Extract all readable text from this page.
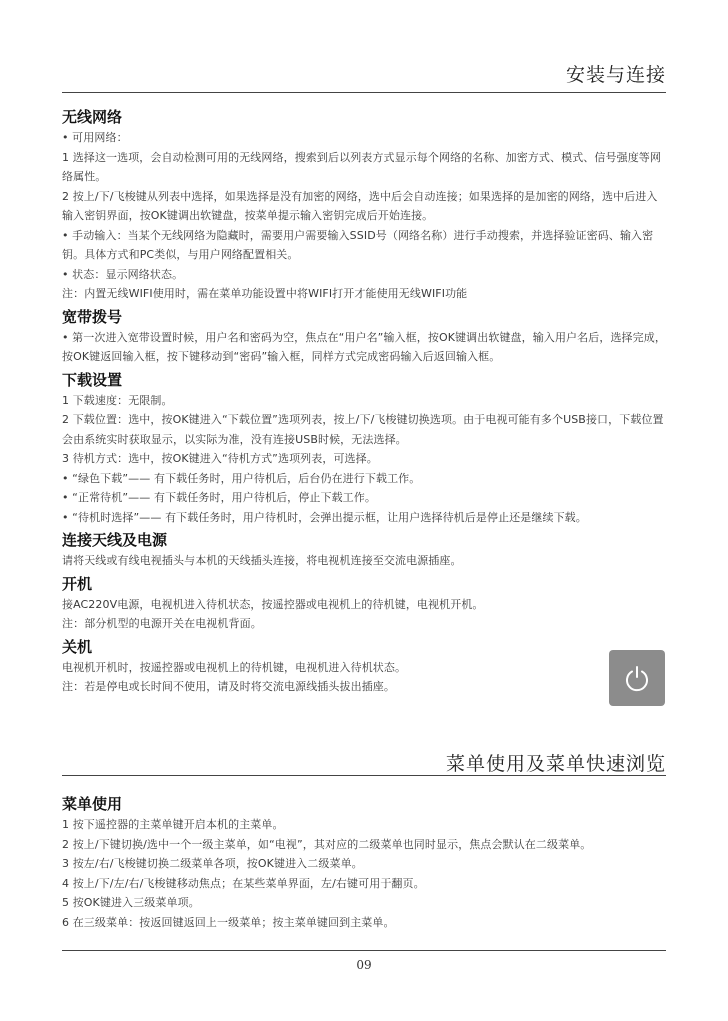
安装与连接
无线网络

• 可用网络：

1 选择这一选项，会自动检测可用的无线网络，搜索到后以列表方式显示每个网络的名称、加密方式、模式、信号强度等网络属性。

2 按上/下/飞梭键从列表中选择，如果选择是没有加密的网络，选中后会自动连接；如果选择的是加密的网络，选中后进入输入密钥界面，按OK键调出软键盘，按菜单提示输入密钥完成后开始连接。

• 手动输入：当某个无线网络为隐藏时，需要用户需要输入SSID号（网络名称）进行手动搜索，并选择验证密码、输入密钥。具体方式和PC类似，与用户网络配置相关。

• 状态：显示网络状态。

注：内置无线WIFI使用时，需在菜单功能设置中将WIFI打开才能使用无线WIFI功能

宽带拨号

• 第一次进入宽带设置时候，用户名和密码为空，焦点在“用户名”输入框，按OK键调出软键盘，输入用户名后，选择完成，按OK键返回输入框，按下键移动到“密码”输入框，同样方式完成密码输入后返回输入框。

下载设置

1 下载速度：无限制。

2 下载位置：选中，按OK键进入“下载位置”选项列表，按上/下/飞梭键切换选项。由于电视可能有多个USB接口，下载位置会由系统实时获取显示，以实际为准，没有连接USB时候，无法选择。

3 待机方式：选中，按OK键进入“待机方式”选项列表，可选择。

• “绿色下载”—— 有下载任务时，用户待机后，后台仍在进行下载工作。

• “正常待机”—— 有下载任务时，用户待机后，停止下载工作。

• “待机时选择”—— 有下载任务时，用户待机时，会弹出提示框，让用户选择待机后是停止还是继续下载。

连接天线及电源

请将天线或有线电视插头与本机的天线插头连接，将电视机连接至交流电源插座。

开机

接AC220V电源，电视机进入待机状态，按遥控器或电视机上的待机键，电视机开机。

注：部分机型的电源开关在电视机背面。

关机

电视机开机时，按遥控器或电视机上的待机键，电视机进入待机状态。

注：若是停电或长时间不使用，请及时将交流电源线插头拔出插座。

菜单使用及菜单快速浏览
菜单使用

1 按下遥控器的主菜单键开启本机的主菜单。

2 按上/下键切换/选中一个一级主菜单，如“电视”，其对应的二级菜单也同时显示，焦点会默认在二级菜单。

3 按左/右/飞梭键切换二级菜单各项，按OK键进入二级菜单。

4 按上/下/左/右/飞梭键移动焦点；在某些菜单界面，左/右键可用于翻页。

5 按OK键进入三级菜单项。

6 在三级菜单：按返回键返回上一级菜单；按主菜单键回到主菜单。

09
